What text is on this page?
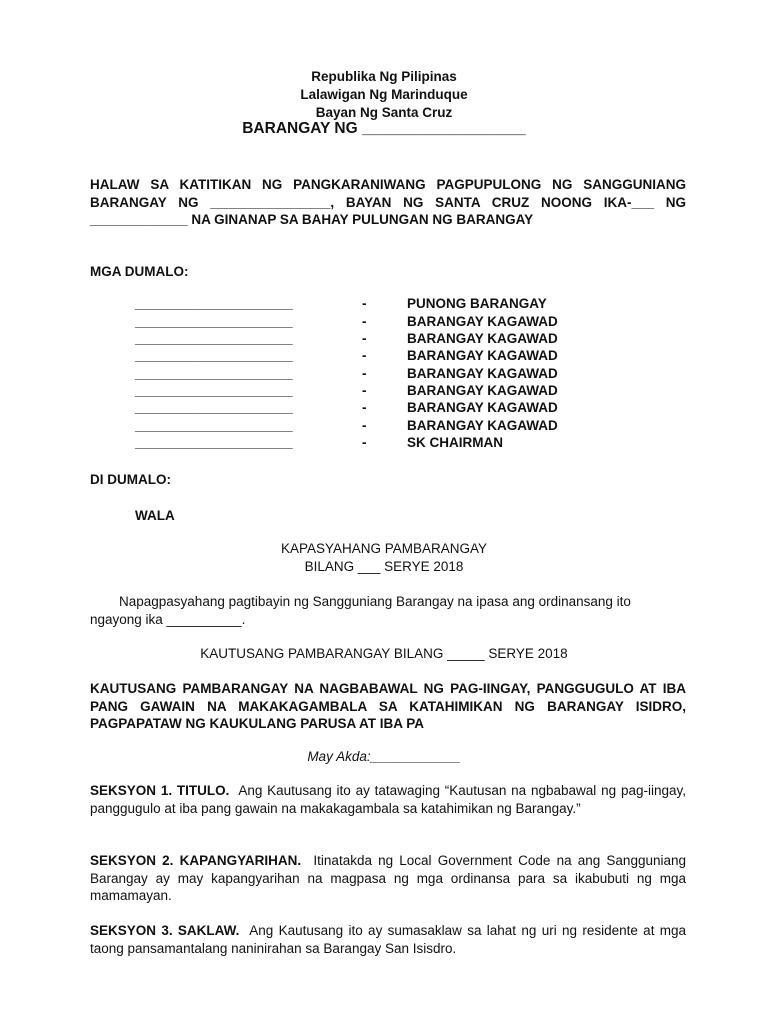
Republika Ng Pilipinas
Lalawigan Ng Marinduque
Bayan Ng Santa Cruz
BARANGAY NG ___________________
HALAW SA KATITIKAN NG PANGKARANIWANG PAGPUPULONG NG SANGGUNIANG BARANGAY NG ________________, BAYAN NG SANTA CRUZ NOONG IKA-___ NG _____________ NA GINANAP SA BAHAY PULUNGAN NG BARANGAY
MGA DUMALO:
_____________________	-	PUNONG BARANGAY
_____________________	-	BARANGAY KAGAWAD
_____________________	-	BARANGAY KAGAWAD
_____________________	-	BARANGAY KAGAWAD
_____________________	-	BARANGAY KAGAWAD
_____________________	-	BARANGAY KAGAWAD
_____________________	-	BARANGAY KAGAWAD
_____________________	-	BARANGAY KAGAWAD
_____________________	-	SK CHAIRMAN
DI DUMALO:
WALA
KAPASYAHANG PAMBARANGAY
BILANG ___ SERYE 2018
Napagpasyahang pagtibayin ng Sangguniang Barangay na ipasa ang ordinansang ito ngayong ika __________.
KAUTUSANG PAMBARANGAY BILANG _____ SERYE 2018
KAUTUSANG PAMBARANGAY NA NAGBABAWAL NG PAG-IINGAY, PANGGUGULO AT IBA PANG GAWAIN NA MAKAKAGAMBALA SA KATAHIMIKAN NG BARANGAY ISIDRO, PAGPAPATAW NG KAUKULANG PARUSA AT IBA PA
May Akda:____________
SEKSYON 1. TITULO. Ang Kautusang ito ay tatawaging “Kautusan na ngbabawal ng pag-iingay, panggugulo at iba pang gawain na makakagambala sa katahimikan ng Barangay.”
SEKSYON 2. KAPANGYARIHAN. Itinatakda ng Local Government Code na ang Sangguniang Barangay ay may kapangyarihan na magpasa ng mga ordinansa para sa ikabubuti ng mga mamamayan.
SEKSYON 3. SAKLAW. Ang Kautusang ito ay sumasaklaw sa lahat ng uri ng residente at mga taong pansamantalang naninirahan sa Barangay San Isisdro.
